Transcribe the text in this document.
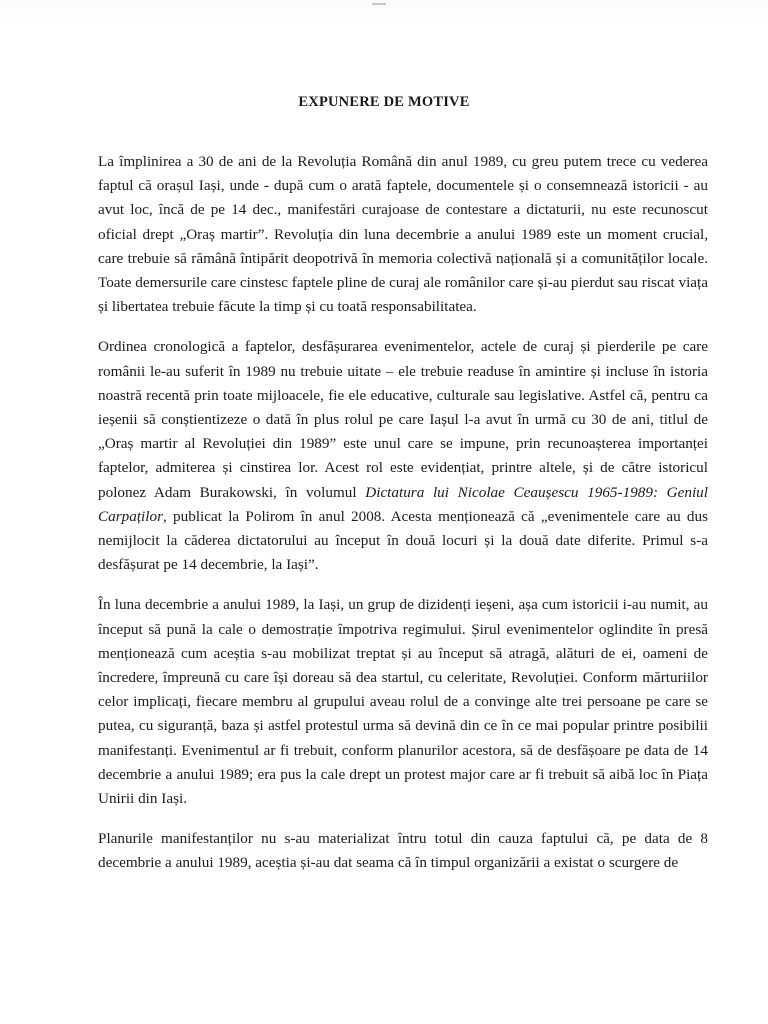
EXPUNERE DE MOTIVE

La împlinirea a 30 de ani de la Revoluția Română din anul 1989, cu greu putem trece cu vederea faptul că orașul Iași, unde - după cum o arată faptele, documentele și o consemnează istoricii - au avut loc, încă de pe 14 dec., manifestări curajoase de contestare a dictaturii, nu este recunoscut oficial drept „Oraș martir”. Revoluția din luna decembrie a anului 1989 este un moment crucial, care trebuie să rămână întipărit deopotrivă în memoria colectivă națională și a comunităților locale. Toate demersurile care cinstesc faptele pline de curaj ale românilor care și-au pierdut sau riscat viața și libertatea trebuie făcute la timp și cu toată responsabilitatea.

Ordinea cronologică a faptelor, desfășurarea evenimentelor, actele de curaj și pierderile pe care românii le-au suferit în 1989 nu trebuie uitate – ele trebuie readuse în amintire și incluse în istoria noastră recentă prin toate mijloacele, fie ele educative, culturale sau legislative. Astfel că, pentru ca ieșenii să conștientizeze o dată în plus rolul pe care Iașul l-a avut în urmă cu 30 de ani, titlul de „Oraș martir al Revoluției din 1989” este unul care se impune, prin recunoașterea importanței faptelor, admiterea și cinstirea lor. Acest rol este evidențiat, printre altele, și de către istoricul polonez Adam Burakowski, în volumul Dictatura lui Nicolae Ceaușescu 1965-1989: Geniul Carpaților, publicat la Polirom în anul 2008. Acesta menționează că „evenimentele care au dus nemijlocit la căderea dictatorului au început în două locuri și la două date diferite. Primul s-a desfășurat pe 14 decembrie, la Iași”.

În luna decembrie a anului 1989, la Iași, un grup de dizidenți ieșeni, așa cum istoricii i-au numit, au început să pună la cale o demostrație împotriva regimului. Șirul evenimentelor oglindite în presă menționează cum aceștia s-au mobilizat treptat și au început să atragă, alături de ei, oameni de încredere, împreună cu care își doreau să dea startul, cu celeritate, Revoluției. Conform mărturiilor celor implicați, fiecare membru al grupului aveau rolul de a convinge alte trei persoane pe care se putea, cu siguranță, baza și astfel protestul urma să devină din ce în ce mai popular printre posibilii manifestanți. Evenimentul ar fi trebuit, conform planurilor acestora, să de desfășoare pe data de 14 decembrie a anului 1989; era pus la cale drept un protest major care ar fi trebuit să aibă loc în Piața Unirii din Iași.

Planurile manifestanților nu s-au materializat întru totul din cauza faptului că, pe data de 8 decembrie a anului 1989, aceștia și-au dat seama că în timpul organizării a existat o scurgere de
